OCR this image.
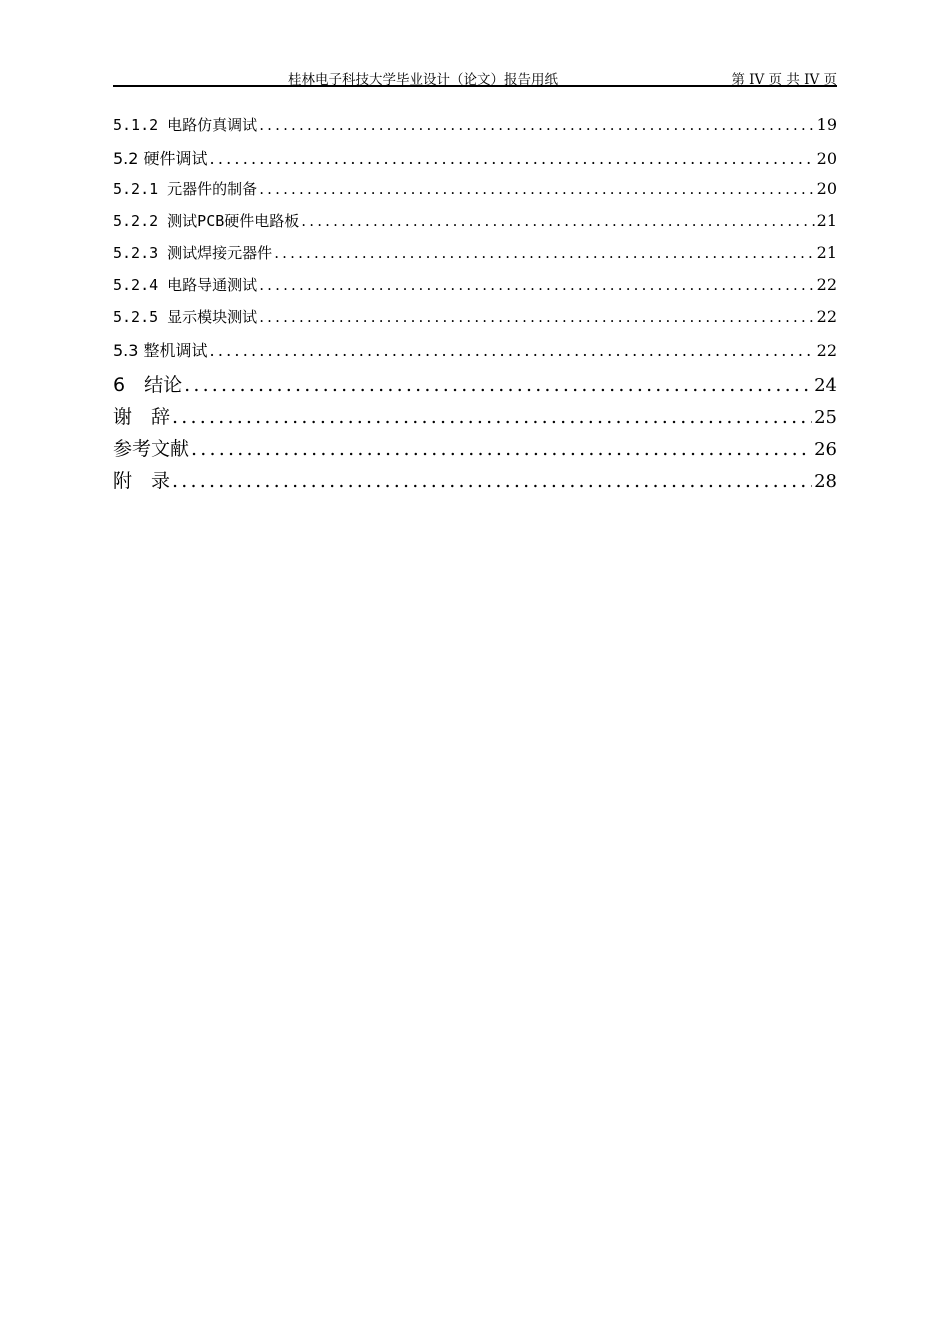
桂林电子科技大学毕业设计（论文）报告用纸	第 IV 页 共 IV 页
5.1.2 电路仿真调试 .....	19
5.2 硬件调试 .....	20
5.2.1 元器件的制备 .....	20
5.2.2 测试PCB硬件电路板 .....	21
5.2.3 测试焊接元器件 .....	21
5.2.4 电路导通测试 .....	22
5.2.5 显示模块测试 .....	22
5.3 整机调试 .....	22
6　结论 .....	24
谢　辞 .....	25
参考文献 .....	26
附　录 .....	28
